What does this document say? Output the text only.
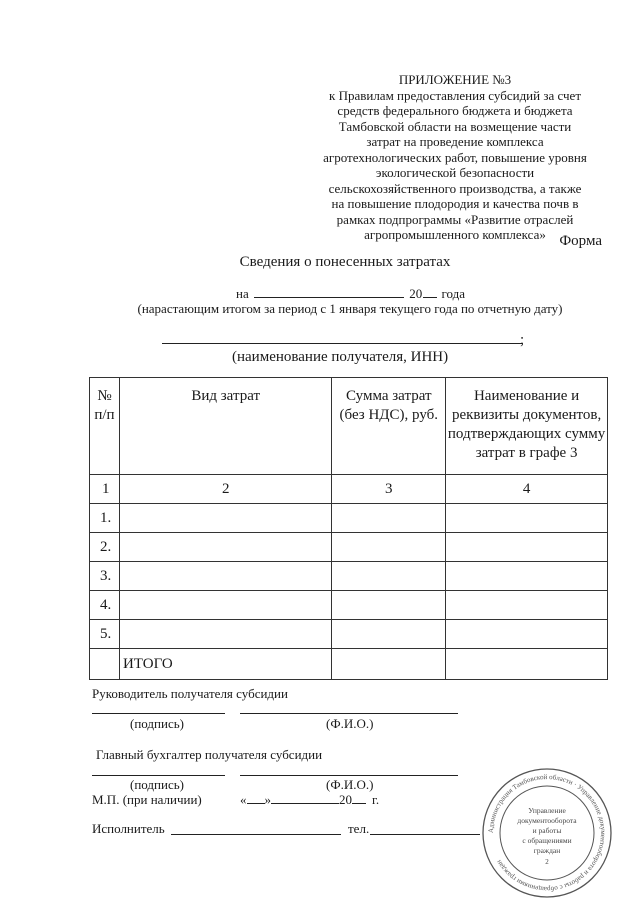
ПРИЛОЖЕНИЕ №3
к Правилам предоставления субсидий за счет
средств федерального бюджета и бюджета
Тамбовской области на возмещение части
затрат на проведение комплекса
агротехнологических работ, повышение уровня
экологической безопасности
сельскохозяйственного производства, а также
на повышение плодородия и качества почв в
рамках подпрограммы «Развитие отраслей
агропромышленного комплекса» Форма
Сведения о понесенных затратах
на	20 года
(нарастающим итогом за период с 1 января текущего года по отчетную дату)
;
(наименование получателя, ИНН)
№ п/п	Вид затрат	Сумма затрат (без НДС), руб.	Наименование и реквизиты документов, подтверждающих сумму затрат в графе 3
1	2	3	4
1.			
2.			
3.			
4.			
5.			
	ИТОГО		
Руководитель получателя субсидии
(подпись)	(Ф.И.О.)
Главный бухгалтер получателя субсидии
(подпись)	(Ф.И.О.)
М.П. (при наличии)	« »	20 г.
Исполнитель	тел.	Администрация Тамбовской области · Управление документооборота и работы с обращениями граждан
Управление
документооборота
и работы
с обращениями
граждан
2
